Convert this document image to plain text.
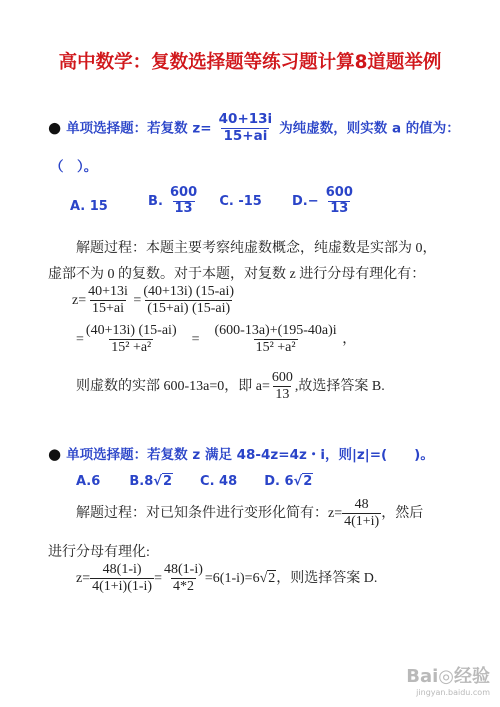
高中数学：复数选择题等练习题计算8道题举例
● 单项选择题：若复数 $z= \frac{40+13i}{15+ai}$ 为纯虚数，则实数 a 的值为：
（　）。
A. 15	B. $\frac{600}{13} C$. -15 $D.- \frac{600}{13}$
解题过程：本题主要考察纯虚数概念，纯虚数是实部为 0，
虚部不为 0 的复数。对于本题，对复数 z 进行分母有理化有：
$z= \frac{40+13i}{15+ai} = \frac{(40+13i) (15-ai)}{(15+ai) (15-ai)}$
= $\frac{(40+13i) (15-ai)}{\text{15² +a²}} = \frac{(600-13a)+(195-40a)i}{\text{15² +a²}}$ ，
则虚数的实部 600-13a=0，即 $a= \frac{600}{13}$ ,故选择答案 B.
● 单项选择题：若复数 z 满足 48-4z=4z・i，则|z|=(　　)。
A.6 B.8√2 C. 48 D. 6√2
解题过程：对已知条件进行变形化简有：$z= \frac{48}{4(1+i)}$ ，然后
进行分母有理化:
$z= \frac{48(1-i)}{4(1+i)(1-i)} = \frac{48(1-i)}{4*2} =6(1-i)=6√2$，则选择答案 D.
Bai◎经验
jingyan.baidu.com
